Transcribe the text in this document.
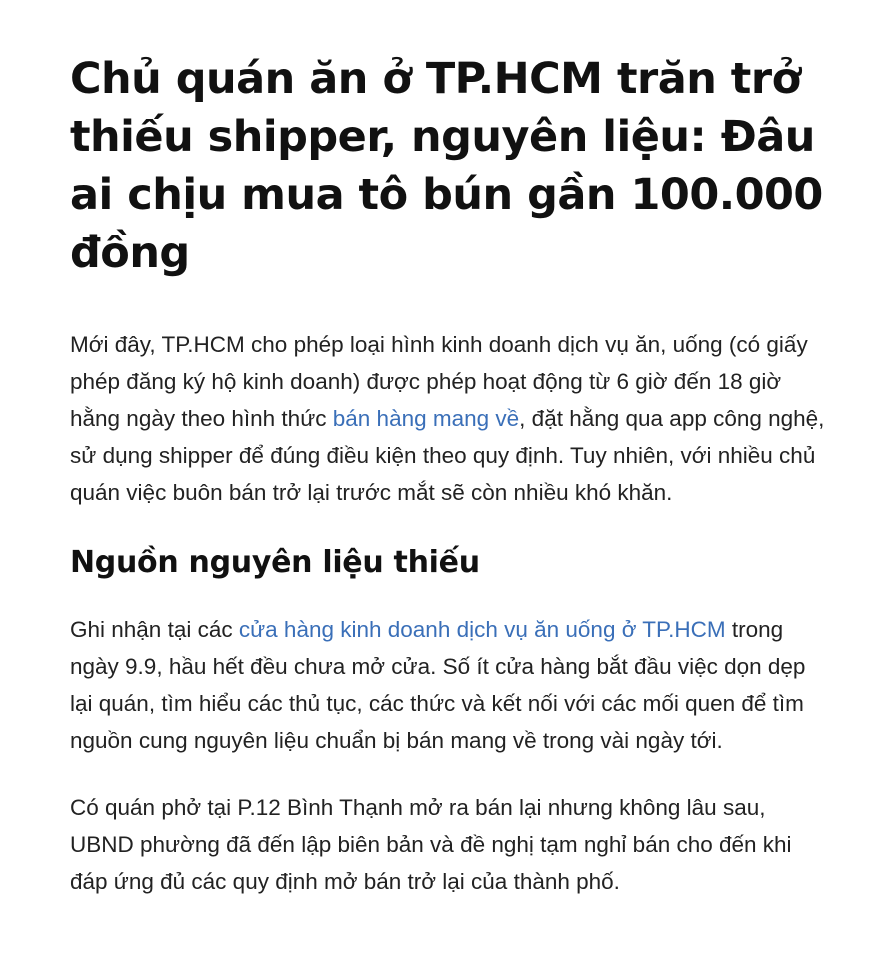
Chủ quán ăn ở TP.HCM trăn trở thiếu shipper, nguyên liệu: Đâu ai chịu mua tô bún gần 100.000 đồng

Mới đây, TP.HCM cho phép loại hình kinh doanh dịch vụ ăn, uống (có giấy phép đăng ký hộ kinh doanh) được phép hoạt động từ 6 giờ đến 18 giờ hằng ngày theo hình thức bán hàng mang về, đặt hằng qua app công nghệ, sử dụng shipper để đúng điều kiện theo quy định. Tuy nhiên, với nhiều chủ quán việc buôn bán trở lại trước mắt sẽ còn nhiều khó khăn.

Nguồn nguyên liệu thiếu

Ghi nhận tại các cửa hàng kinh doanh dịch vụ ăn uống ở TP.HCM trong ngày 9.9, hầu hết đều chưa mở cửa. Số ít cửa hàng bắt đầu việc dọn dẹp lại quán, tìm hiểu các thủ tục, các thức và kết nối với các mối quen để tìm nguồn cung nguyên liệu chuẩn bị bán mang về trong vài ngày tới.

Có quán phở tại P.12 Bình Thạnh mở ra bán lại nhưng không lâu sau, UBND phường đã đến lập biên bản và đề nghị tạm nghỉ bán cho đến khi đáp ứng đủ các quy định mở bán trở lại của thành phố.
